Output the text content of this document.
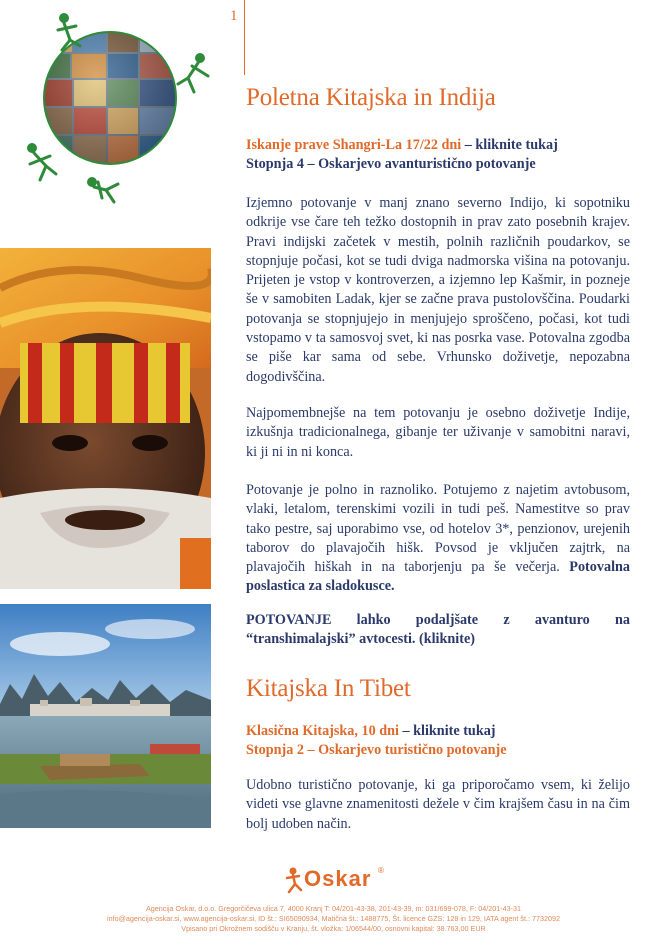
1
Poletna Kitajska in Indija
Iskanje prave Shangri-La 17/22 dni – kliknite tukaj
Stopnja 4 – Oskarjevo avanturistično potovanje

Izjemno potovanje v manj znano severno Indijo, ki sopotniku odkrije vse čare teh težko dostopnih in prav zato posebnih krajev. Pravi indijski začetek v mestih, polnih različnih poudarkov, se stopnjuje počasi, kot se tudi dviga nadmorska višina na potovanju. Prijeten je vstop v kontroverzen, a izjemno lep Kašmir, in pozneje še v samobiten Ladak, kjer se začne prava pustolovščina. Poudarki potovanja se stopnjujejo in menjujejo sproščeno, počasi, kot tudi vstopamo v ta samosvoj svet, ki nas posrka vase. Potovalna zgodba se piše kar sama od sebe. Vrhunsko doživetje, nepozabna dogodivščina.

Najpomembnejše na tem potovanju je osebno doživetje Indije, izkušnja tradicionalnega, gibanje ter uživanje v samobitni naravi, ki ji ni in ni konca.

Potovanje je polno in raznoliko. Potujemo z najetim avtobusom, vlaki, letalom, terenskimi vozili in tudi peš. Namestitve so prav tako pestre, saj uporabimo vse, od hotelov 3*, penzionov, urejenih taborov do plavajočih hišk. Povsod je vključen zajtrk, na plavajočih hiškah in na taborjenju pa še večerja. Potovalna poslastica za sladokusce.

POTOVANJE lahko podaljšate z avanturo na “transhimalajski” avtocesti. (kliknite)

Kitajska In Tibet
Klasična Kitajska, 10 dni – kliknite tukaj
Stopnja 2 – Oskarjevo turistično potovanje

Udobno turistično potovanje, ki ga priporočamo vsem, ki želijo videti vse glavne znamenitosti dežele v čim krajšem času in na čim bolj udoben način.

Oskar ®
Agencija Oskar, d.o.o. Gregorčičeva ulica 7, 4000 Kranj T: 04/201-43-38, 201-43-39, m: 031/699-078, F: 04/201-43-31
info@agencija-oskar.si, www.agencija-oskar.si, ID št.: SI65090934, Matična št.: 1488775, Št. licence GZS: 128 in 129, IATA agent št.: 7732092
Vpisano pri Okrožnem sodišču v Kranju, št. vložka: 1/06544/00, osnovni kapital: 38.763,00 EUR
